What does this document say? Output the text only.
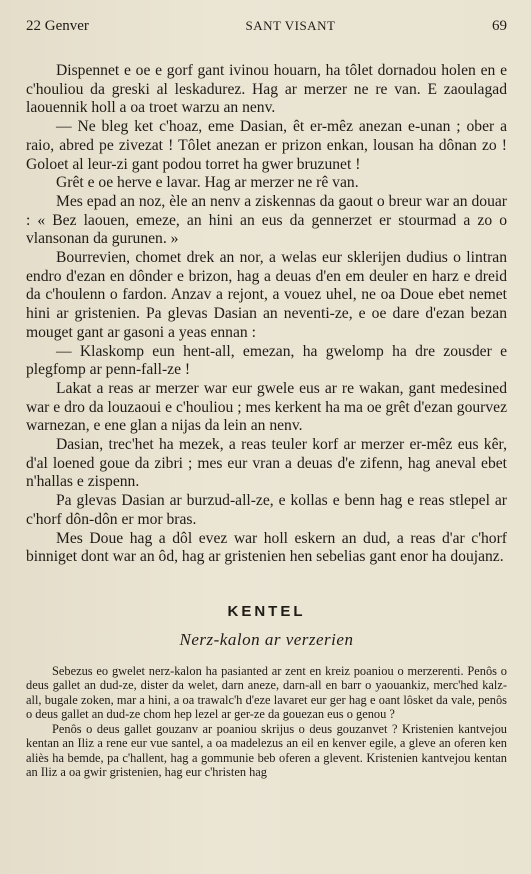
22 Genver	SANT VISANT	69

Dispennet e oe e gorf gant ivinou houarn, ha tôlet dornadou holen en e c'houliou da greski al leskadurez. Hag ar merzer ne re van. E zaoulagad laouennik holl a oa troet warzu an nenv.

— Ne bleg ket c'hoaz, eme Dasian, êt er-mêz anezan e-unan ; ober a raio, abred pe zivezat ! Tôlet anezan er prizon enkan, lousan ha dônan zo ! Goloet al leur-zi gant podou torret ha gwer bruzunet !

Grêt e oe herve e lavar. Hag ar merzer ne rê van.

Mes epad an noz, èle an nenv a ziskennas da gaout o breur war an douar : « Bez laouen, emeze, an hini an eus da gennerzet er stourmad a zo o vlansonan da gurunen. »

Bourrevien, chomet drek an nor, a welas eur sklerijen dudius o lintran endro d'ezan en dônder e brizon, hag a deuas d'en em deuler en harz e dreid da c'houlenn o fardon. Anzav a rejont, a vouez uhel, ne oa Doue ebet nemet hini ar gristenien. Pa glevas Dasian an neventi-ze, e oe dare d'ezan bezan mouget gant ar gasoni a yeas ennan :

— Klaskomp eun hent-all, emezan, ha gwelomp ha dre zousder e plegfomp ar penn-fall-ze !

Lakat a reas ar merzer war eur gwele eus ar re wakan, gant medesined war e dro da louzaoui e c'houliou ; mes kerkent ha ma oe grêt d'ezan gourvez warnezan, e ene glan a nijas da lein an nenv.

Dasian, trec'het ha mezek, a reas teuler korf ar merzer er-mêz eus kêr, d'al loened goue da zibri ; mes eur vran a deuas d'e zifenn, hag aneval ebet n'hallas e zispenn.

Pa glevas Dasian ar burzud-all-ze, e kollas e benn hag e reas stlepel ar c'horf dôn-dôn er mor bras.

Mes Doue hag a dôl evez war holl eskern an dud, a reas d'ar c'horf binniget dont war an ôd, hag ar gristenien hen sebelias gant enor ha doujanz.

KENTEL
Nerz-kalon ar verzerien

Sebezus eo gwelet nerz-kalon ha pasianted ar zent en kreiz poaniou o merzerenti. Penôs o deus gallet an dud-ze, dister da welet, darn aneze, darn-all en barr o yaouankiz, merc'hed kalz-all, bugale zoken, mar a hini, a oa trawalc'h d'eze lavaret eur ger hag e oant lôsket da vale, penôs o deus gallet an dud-ze chom hep lezel ar ger-ze da gouezan eus o genou ?

Penôs o deus gallet gouzanv ar poaniou skrijus o deus gouzanvet ? Kristenien kantvejou kentan an Iliz a rene eur vue santel, a oa madelezus an eil en kenver egile, a gleve an oferen ken aliès ha bemde, pa c'hallent, hag a gommunie beb oferen a glevent. Kristenien kantvejou kentan an Iliz a oa gwir gristenien, hag eur c'hristen hag
